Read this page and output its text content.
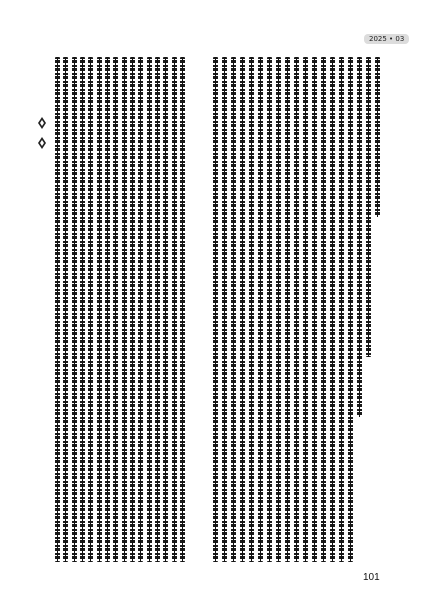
2025 • 03
101
